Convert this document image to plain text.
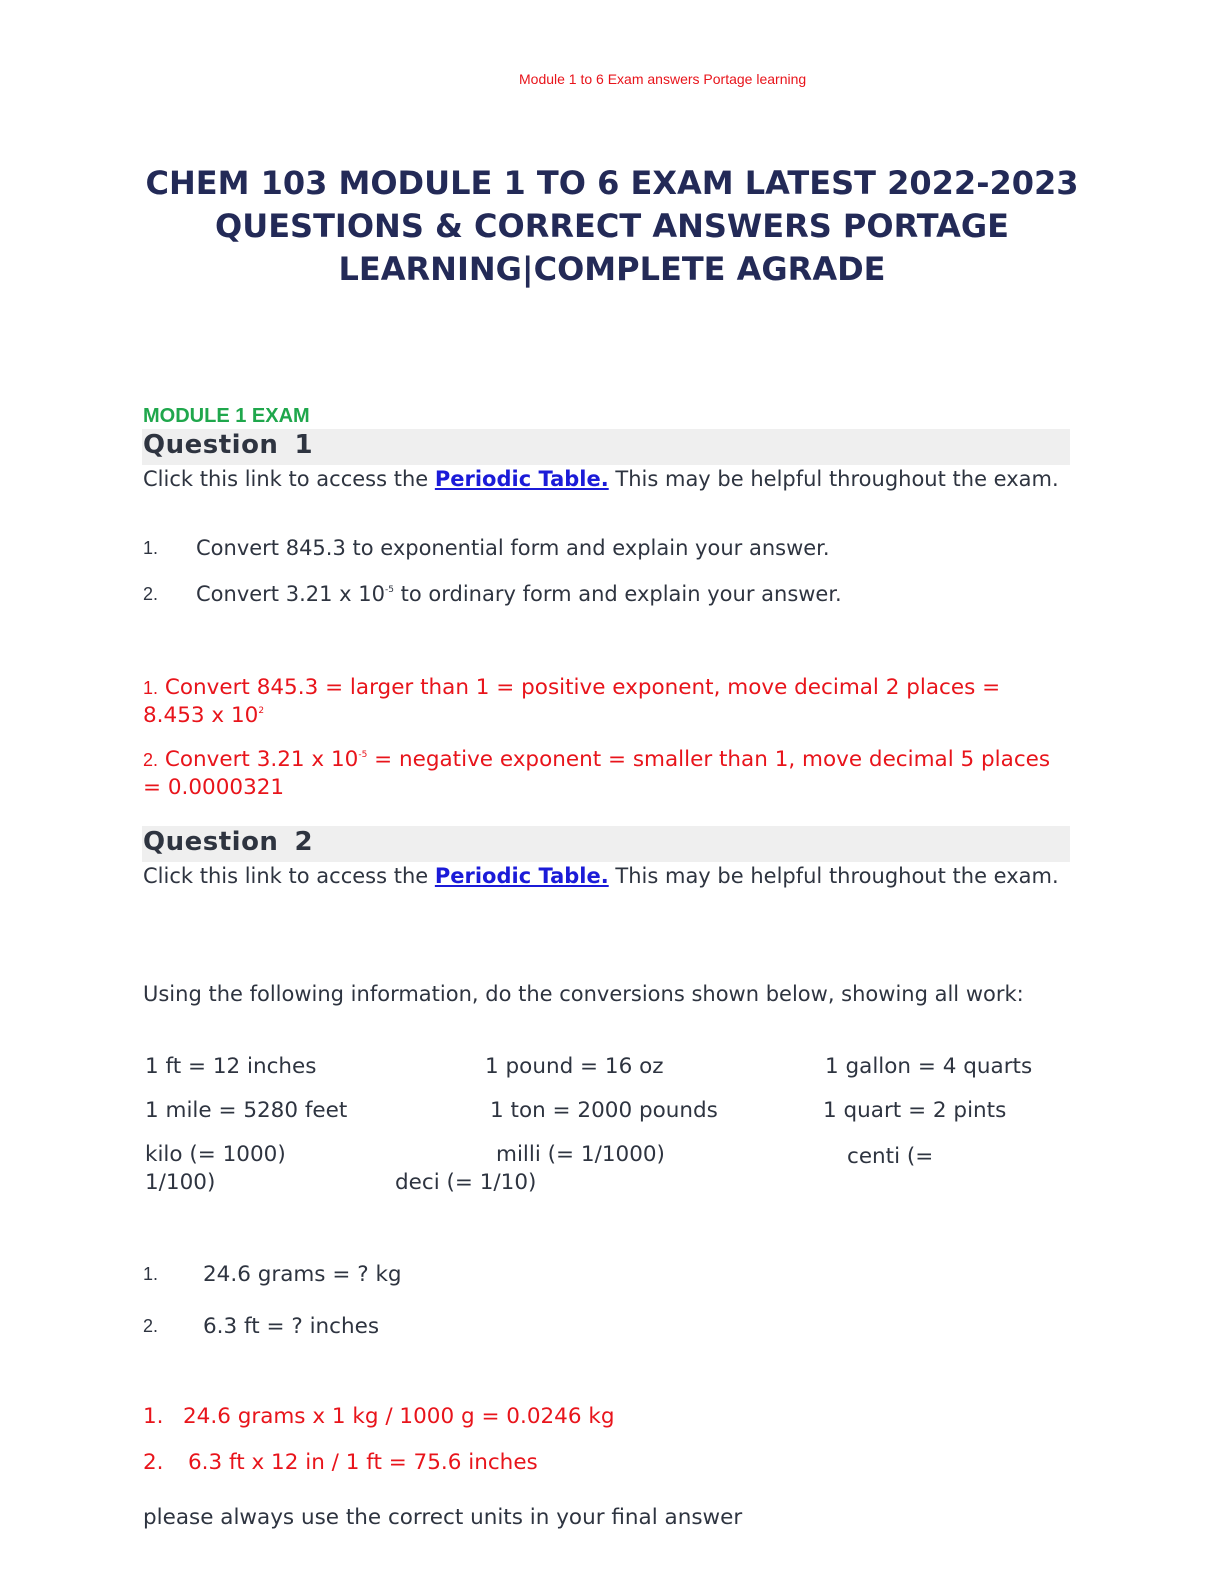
Module 1 to 6 Exam answers Portage learning
CHEM 103 MODULE 1 TO 6 EXAM LATEST 2022-2023
QUESTIONS & CORRECT ANSWERS PORTAGE
LEARNING|COMPLETE AGRADE
MODULE 1 EXAM
Question 1
Click this link to access the Periodic Table. This may be helpful throughout the exam.
1. Convert 845.3 to exponential form and explain your answer.
2. Convert 3.21 x $10^{-5}$ to ordinary form and explain your answer.
1. Convert 845.3 = larger than 1 = positive exponent, move decimal 2 places = 8.453 x $10^2$
2. Convert 3.21 x $10^{-5}$ = negative exponent = smaller than 1, move decimal 5 places = 0.0000321
Question 2
Click this link to access the Periodic Table. This may be helpful throughout the exam.
Using the following information, do the conversions shown below, showing all work:
1 ft = 12 inches	1 pound = 16 oz	1 gallon = 4 quarts
1 mile = 5280 feet	1 ton = 2000 pounds	1 quart = 2 pints
kilo (= 1000)	milli (= 1/1000)	centi (=
1/100)	deci (= 1/10)
1. 24.6 grams = ? kg
2. 6.3 ft = ? inches
1. 24.6 grams x 1 kg / 1000 g = 0.0246 kg
2. 6.3 ft x 12 in / 1 ft = 75.6 inches
please always use the correct units in your final answer
